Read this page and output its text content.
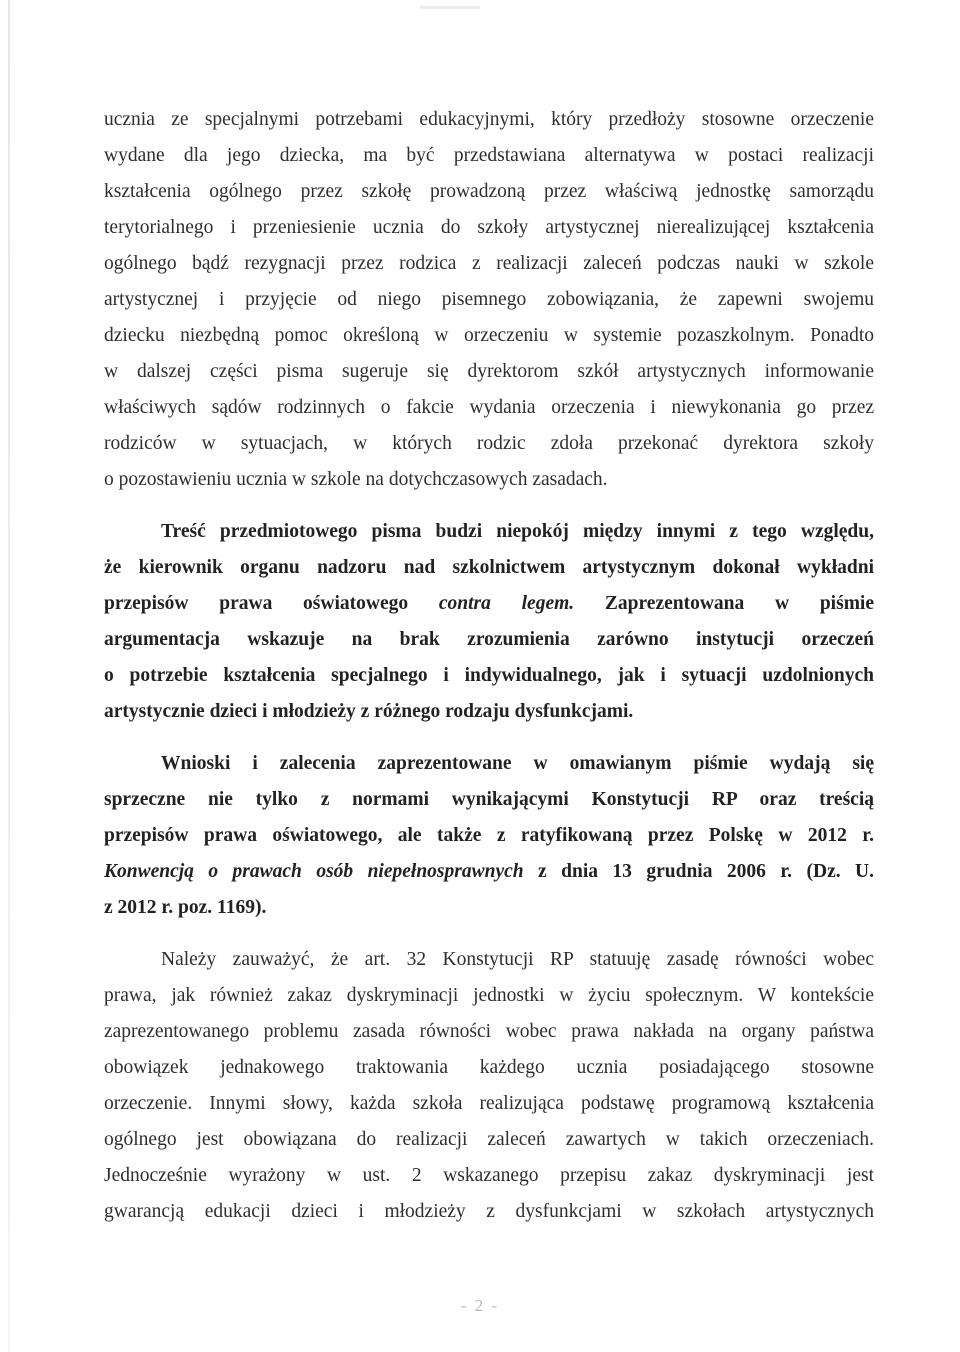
ucznia ze specjalnymi potrzebami edukacyjnymi, który przedłoży stosowne orzeczenie
wydane dla jego dziecka, ma być przedstawiana alternatywa w postaci realizacji
kształcenia ogólnego przez szkołę prowadzoną przez właściwą jednostkę samorządu
terytorialnego i przeniesienie ucznia do szkoły artystycznej nierealizującej kształcenia
ogólnego bądź rezygnacji przez rodzica z realizacji zaleceń podczas nauki w szkole
artystycznej i przyjęcie od niego pisemnego zobowiązania, że zapewni swojemu
dziecku niezbędną pomoc określoną w orzeczeniu w systemie pozaszkolnym. Ponadto
w dalszej części pisma sugeruje się dyrektorom szkół artystycznych informowanie
właściwych sądów rodzinnych o fakcie wydania orzeczenia i niewykonania go przez
rodziców w sytuacjach, w których rodzic zdoła przekonać dyrektora szkoły
o pozostawieniu ucznia w szkole na dotychczasowych zasadach.
Treść przedmiotowego pisma budzi niepokój między innymi z tego względu,
że kierownik organu nadzoru nad szkolnictwem artystycznym dokonał wykładni
przepisów prawa oświatowego contra legem. Zaprezentowana w piśmie
argumentacja wskazuje na brak zrozumienia zarówno instytucji orzeczeń
o potrzebie kształcenia specjalnego i indywidualnego, jak i sytuacji uzdolnionych
artystycznie dzieci i młodzieży z różnego rodzaju dysfunkcjami.
Wnioski i zalecenia zaprezentowane w omawianym piśmie wydają się
sprzeczne nie tylko z normami wynikającymi Konstytucji RP oraz treścią
przepisów prawa oświatowego, ale także z ratyfikowaną przez Polskę w 2012 r.
Konwencją o prawach osób niepełnosprawnych z dnia 13 grudnia 2006 r. (Dz. U.
z 2012 r. poz. 1169).
Należy zauważyć, że art. 32 Konstytucji RP statuuję zasadę równości wobec
prawa, jak również zakaz dyskryminacji jednostki w życiu społecznym. W kontekście
zaprezentowanego problemu zasada równości wobec prawa nakłada na organy państwa
obowiązek jednakowego traktowania każdego ucznia posiadającego stosowne
orzeczenie. Innymi słowy, każda szkoła realizująca podstawę programową kształcenia
ogólnego jest obowiązana do realizacji zaleceń zawartych w takich orzeczeniach.
Jednocześnie wyrażony w ust. 2 wskazanego przepisu zakaz dyskryminacji jest
gwarancją edukacji dzieci i młodzieży z dysfunkcjami w szkołach artystycznych
- 2 -
